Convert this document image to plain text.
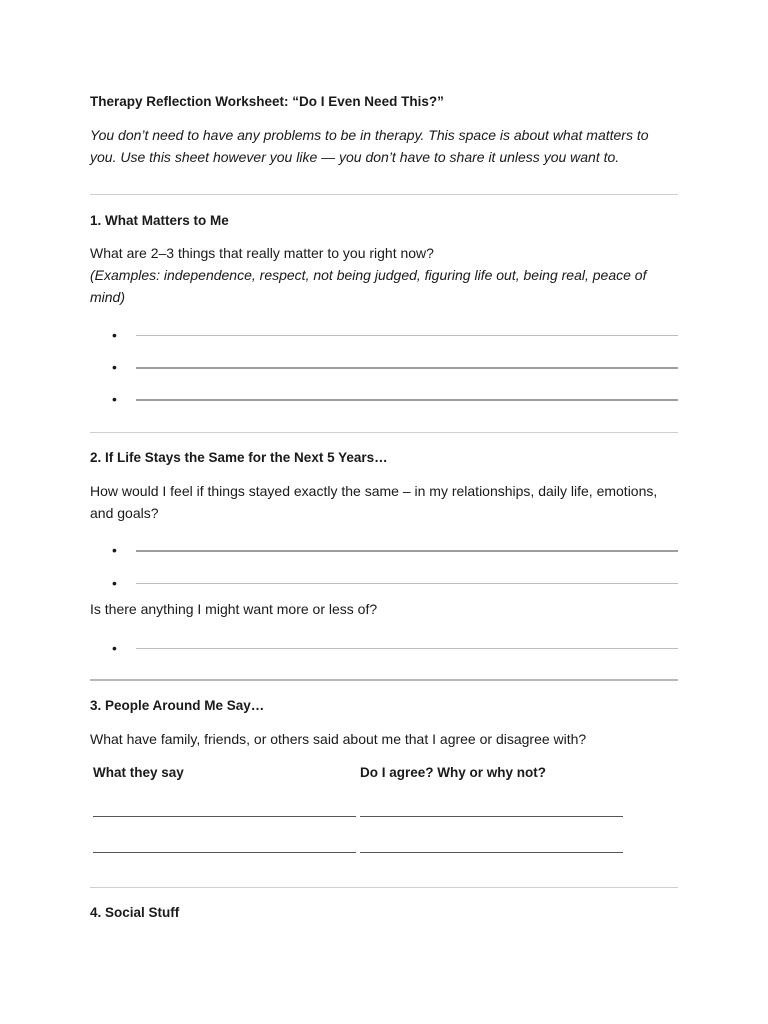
Therapy Reflection Worksheet: “Do I Even Need This?”
You don’t need to have any problems to be in therapy. This space is about what matters to you. Use this sheet however you like — you don’t have to share it unless you want to.
1. What Matters to Me
What are 2–3 things that really matter to you right now?
(Examples: independence, respect, not being judged, figuring life out, being real, peace of mind)
•
•
•
2. If Life Stays the Same for the Next 5 Years…
How would I feel if things stayed exactly the same – in my relationships, daily life, emotions, and goals?
•
•
Is there anything I might want more or less of?
•
3. People Around Me Say…
What have family, friends, or others said about me that I agree or disagree with?
What they say	Do I agree? Why or why not?
4. Social Stuff
